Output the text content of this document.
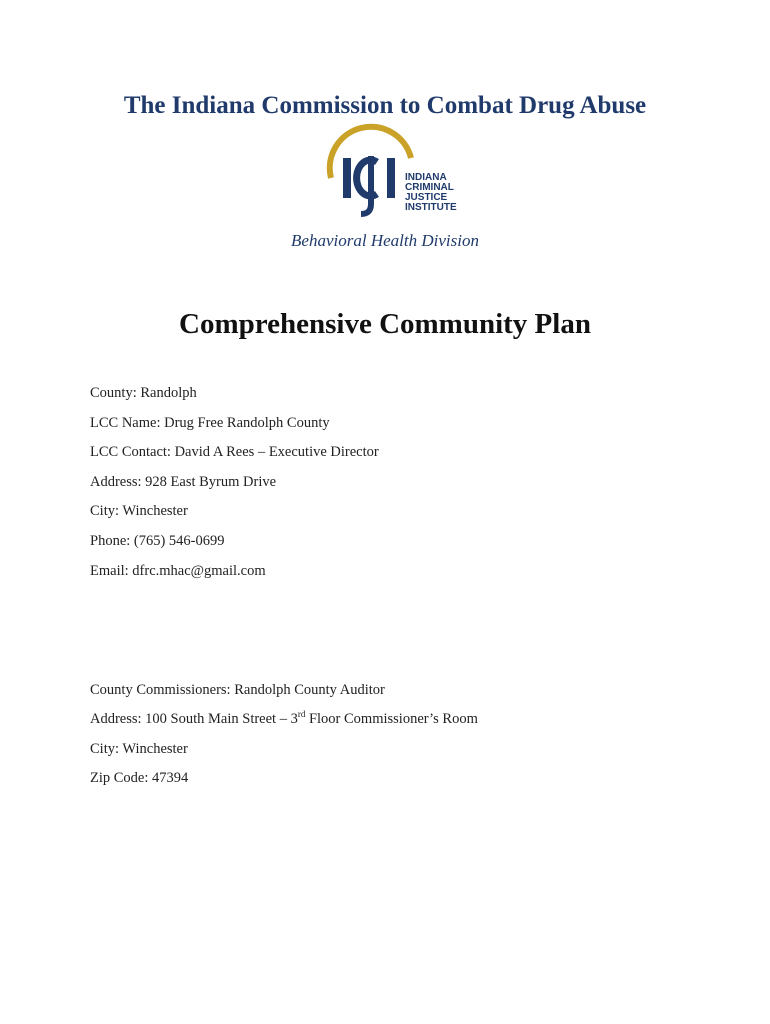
The Indiana Commission to Combat Drug Abuse
INDIANA
CRIMINAL
JUSTICE
INSTITUTE
Behavioral Health Division
Comprehensive Community Plan
County: Randolph
LCC Name: Drug Free Randolph County
LCC Contact: David A Rees – Executive Director
Address: 928 East Byrum Drive
City: Winchester
Phone: (765) 546-0699
Email: dfrc.mhac@gmail.com
County Commissioners: Randolph County Auditor
Address: 100 South Main Street – 3rd Floor Commissioner’s Room
City: Winchester
Zip Code: 47394
